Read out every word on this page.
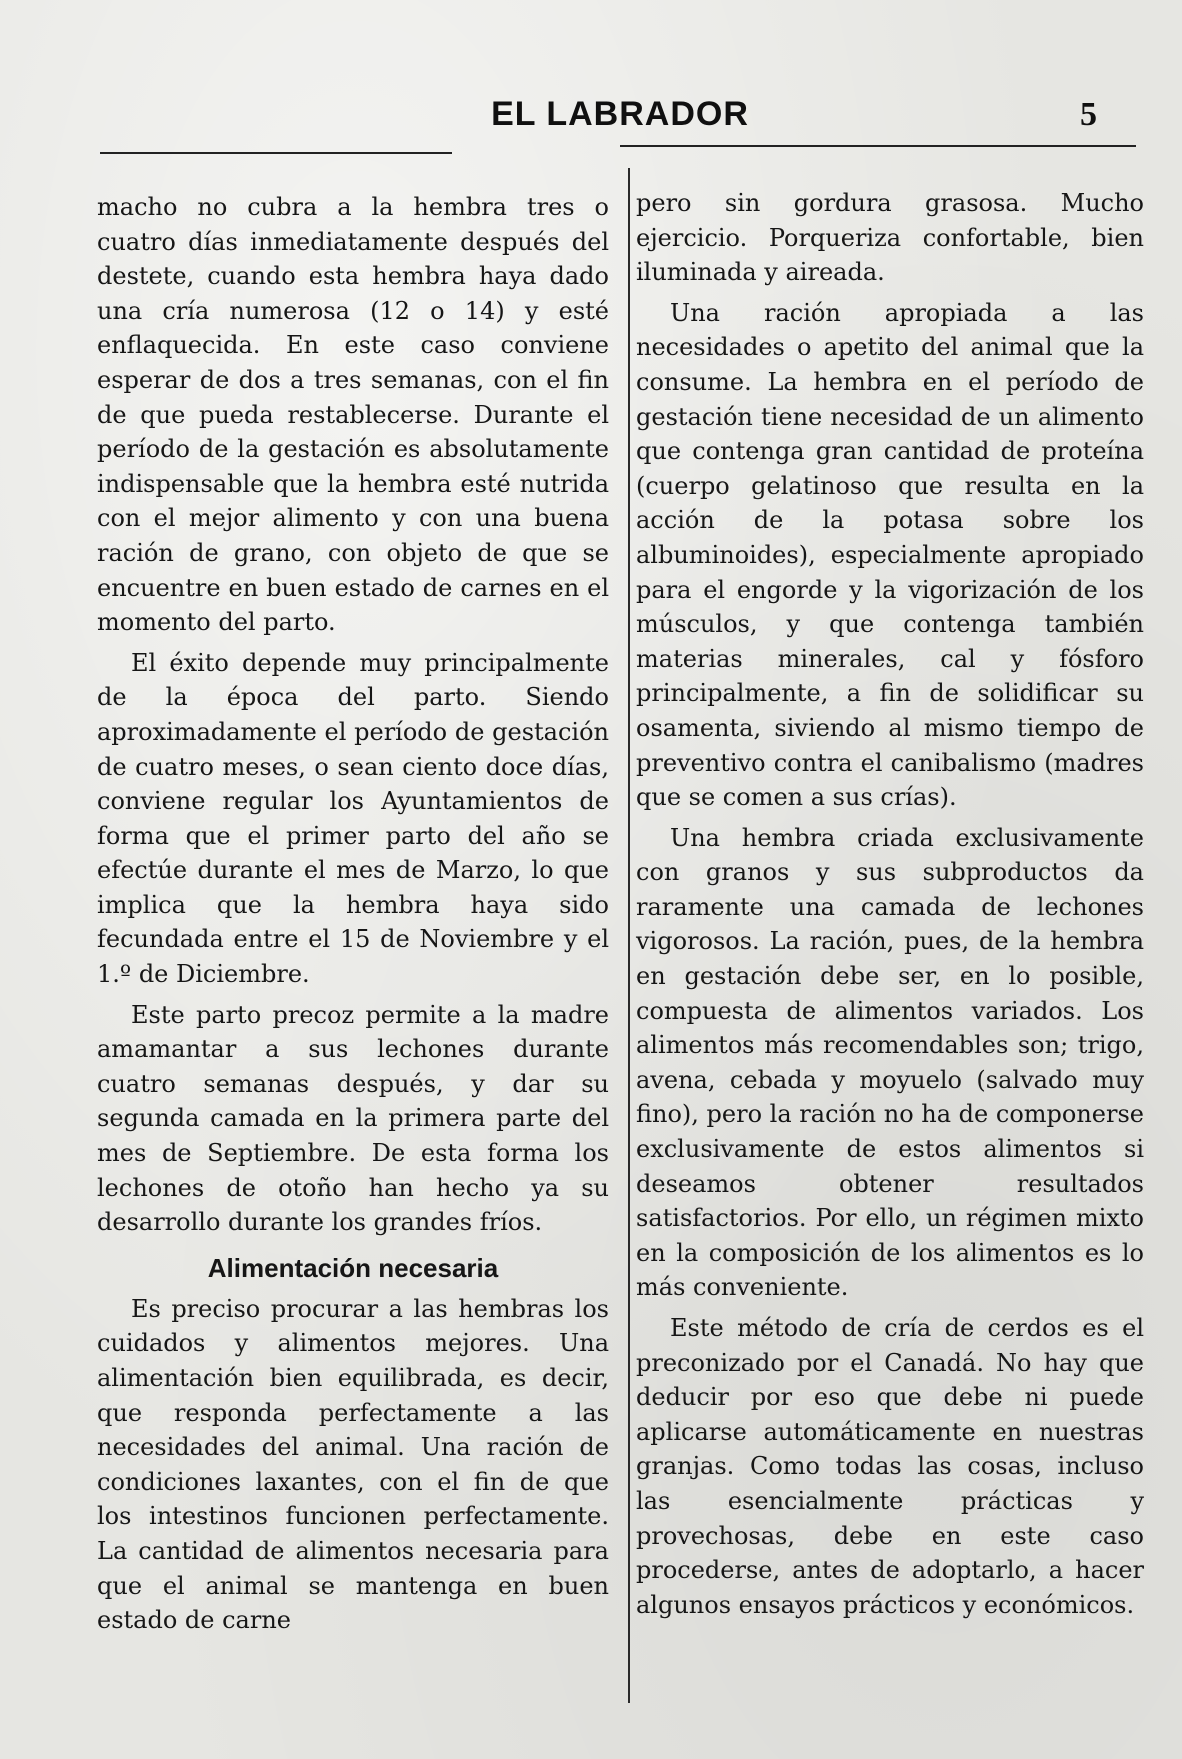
EL LABRADOR	5

macho no cubra a la hembra tres o cuatro días inmediatamente después del destete, cuando esta hembra haya dado una cría numerosa (12 o 14) y esté enflaquecida. En este caso conviene esperar de dos a tres semanas, con el fin de que pueda restablecerse. Durante el período de la gestación es absolutamente indispensable que la hembra esté nutrida con el mejor alimento y con una buena ración de grano, con objeto de que se encuentre en buen estado de carnes en el momento del parto.

El éxito depende muy principalmente de la época del parto. Siendo aproximadamente el período de gestación de cuatro meses, o sean ciento doce días, conviene regular los Ayuntamientos de forma que el primer parto del año se efectúe durante el mes de Marzo, lo que implica que la hembra haya sido fecundada entre el 15 de Noviembre y el 1.º de Diciembre.

Este parto precoz permite a la madre amamantar a sus lechones durante cuatro semanas después, y dar su segunda camada en la primera parte del mes de Septiembre. De esta forma los lechones de otoño han hecho ya su desarrollo durante los grandes fríos.

Alimentación necesaria

Es preciso procurar a las hembras los cuidados y alimentos mejores. Una alimentación bien equilibrada, es decir, que responda perfectamente a las necesidades del animal. Una ración de condiciones laxantes, con el fin de que los intestinos funcionen perfectamente. La cantidad de alimentos necesaria para que el animal se mantenga en buen estado de carne

pero sin gordura grasosa. Mucho ejercicio. Porqueriza confortable, bien iluminada y aireada.

Una ración apropiada a las necesidades o apetito del animal que la consume. La hembra en el período de gestación tiene necesidad de un alimento que contenga gran cantidad de proteína (cuerpo gelatinoso que resulta en la acción de la potasa sobre los albuminoides), especialmente apropiado para el engorde y la vigorización de los músculos, y que contenga también materias minerales, cal y fósforo principalmente, a fin de solidificar su osamenta, siviendo al mismo tiempo de preventivo contra el canibalismo (madres que se comen a sus crías).

Una hembra criada exclusivamente con granos y sus subproductos da raramente una camada de lechones vigorosos. La ración, pues, de la hembra en gestación debe ser, en lo posible, compuesta de alimentos variados. Los alimentos más recomendables son; trigo, avena, cebada y moyuelo (salvado muy fino), pero la ración no ha de componerse exclusivamente de estos alimentos si deseamos obtener resultados satisfactorios. Por ello, un régimen mixto en la composición de los alimentos es lo más conveniente.

Este método de cría de cerdos es el preconizado por el Canadá. No hay que deducir por eso que debe ni puede aplicarse automáticamente en nuestras granjas. Como todas las cosas, incluso las esencialmente prácticas y provechosas, debe en este caso procederse, antes de adoptarlo, a hacer algunos ensayos prácticos y económicos.
